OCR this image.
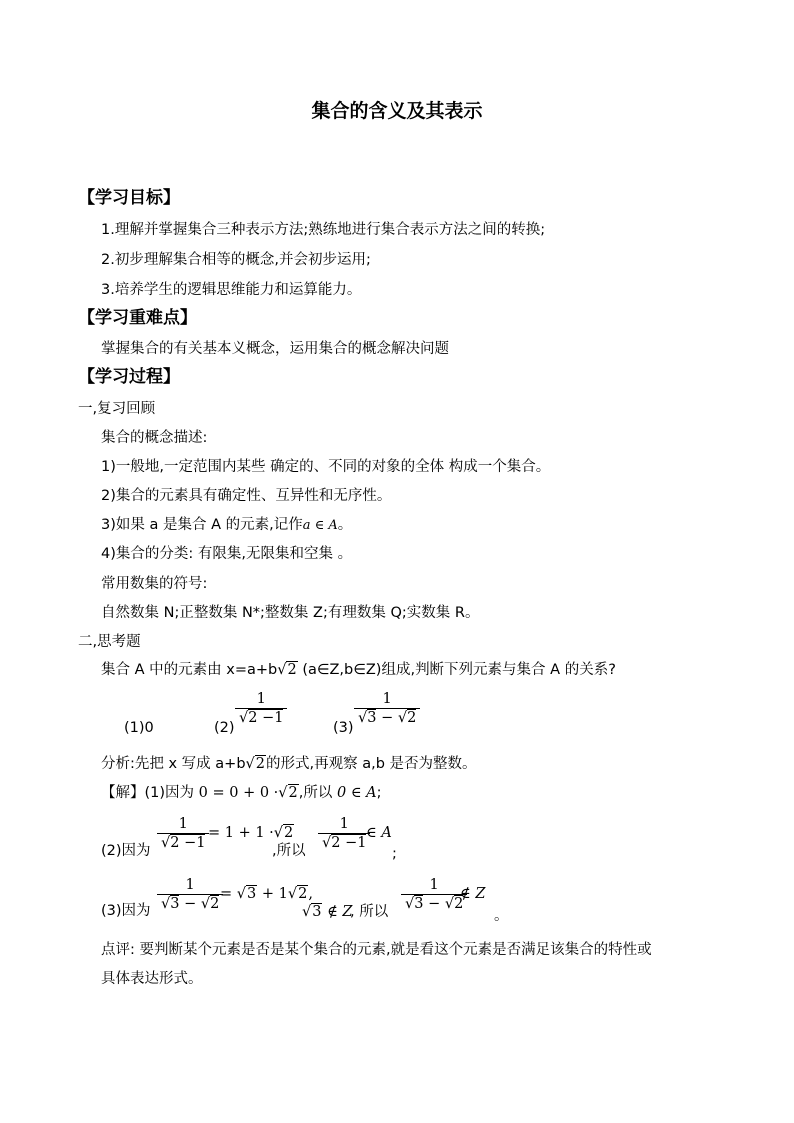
集合的含义及其表示
【学习目标】
1.理解并掌握集合三种表示方法;熟练地进行集合表示方法之间的转换;
2.初步理解集合相等的概念,并会初步运用;
3.培养学生的逻辑思维能力和运算能力。
【学习重难点】
掌握集合的有关基本义概念，运用集合的概念解决问题
【学习过程】
一,复习回顾
集合的概念描述:
1)一般地,一定范围内某些 确定的、不同的对象的全体 构成一个集合。
2)集合的元素具有确定性、互异性和无序性。
3)如果 a 是集合 A 的元素,记作a ∈ A。
4)集合的分类: 有限集,无限集和空集 。
常用数集的符号:
自然数集 N;正整数集 N*;整数集 Z;有理数集 Q;实数集 R。
二,思考题
集合 A 中的元素由 x=a+b√2 (a∈Z,b∈Z)组成,判断下列元素与集合 A 的关系?
(1)0	(2)
$\frac{1}{√2 -1}$
(3)
$\frac{1}{√3 - √2}$
分析:先把 x 写成 a+b√2的形式,再观察 a,b 是否为整数。
【解】(1)因为 0 = 0 + 0 ·√2,所以 0 ∈ A;
(2)因为 $\frac{1}{√2 -1}$
= 1 + 1 ·√2
,所以 $\frac{1}{√2 -1}$
∈ A
;
(3)因为 $\frac{1}{√3 - √2}$
= √3 + 1√2,
√3 ∉ Z
, 所以 $\frac{1}{√3 - √2}$
∉ Z
。
点评: 要判断某个元素是否是某个集合的元素,就是看这个元素是否满足该集合的特性或
具体表达形式。
